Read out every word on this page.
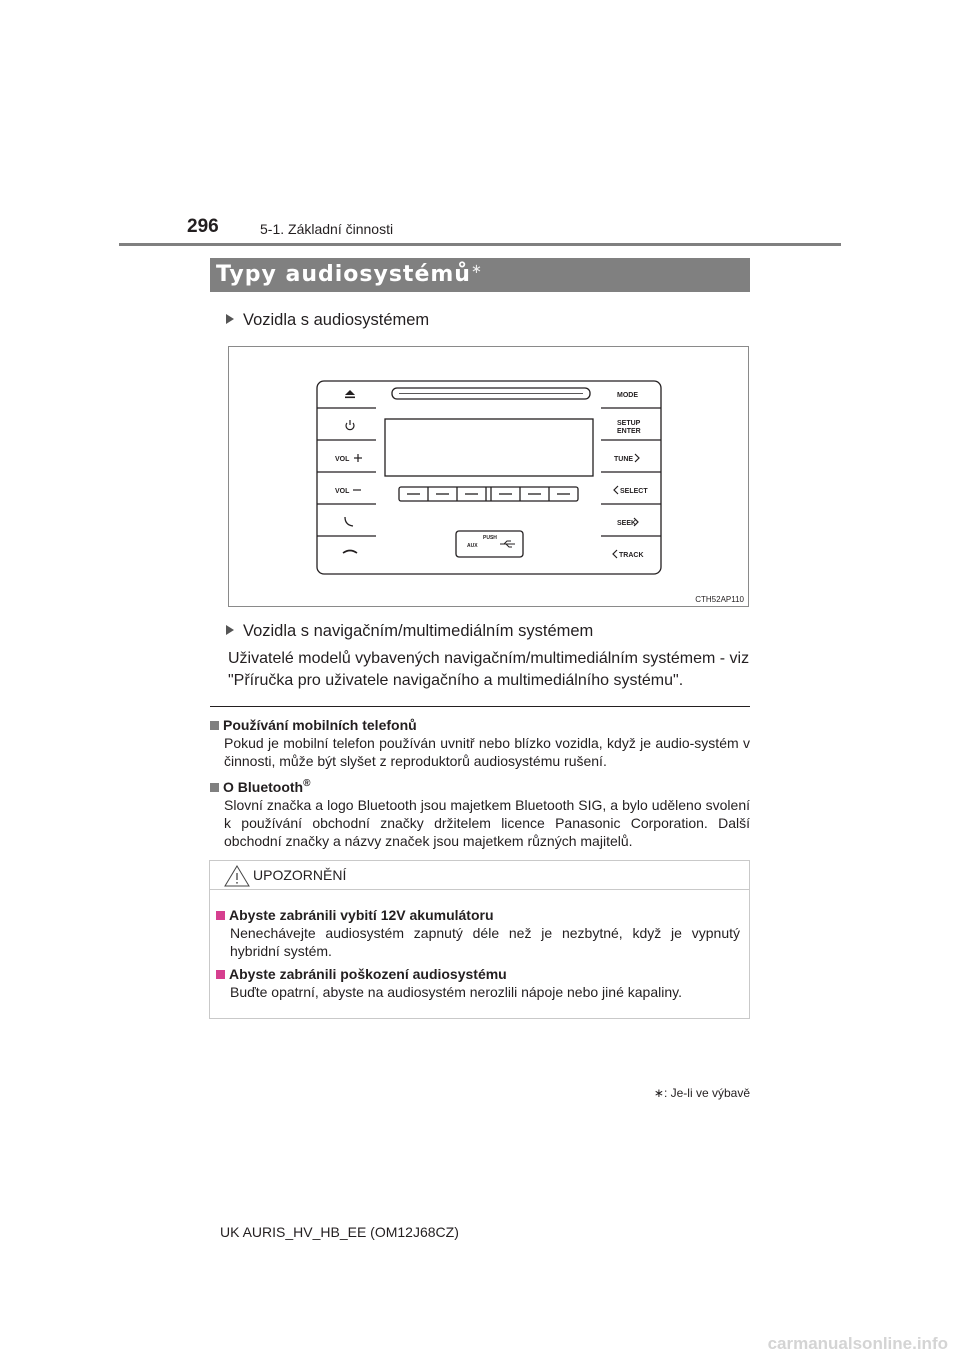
296	5-1. Základní činnosti
Typy audiosystémů∗
Vozidla s audiosystémem
VOL
VOL
MODE
SETUP
ENTER
TUNE
SELECT
SEEK
TRACK
PUSH
AUX
CTH52AP110
Vozidla s navigačním/multimediálním systémem
Uživatelé modelů vybavených navigačním/multimediálním systémem - viz "Příručka pro uživatele navigačního a multimediálního systému".
Používání mobilních telefonů
Pokud je mobilní telefon používán uvnitř nebo blízko vozidla, když je audio-systém v činnosti, může být slyšet z reproduktorů audiosystému rušení.
O Bluetooth®
Slovní značka a logo Bluetooth jsou majetkem Bluetooth SIG, a bylo uděleno svolení k používání obchodní značky držitelem licence Panasonic Corporation. Další obchodní značky a názvy značek jsou majetkem různých majitelů.
UPOZORNĚNÍ
Abyste zabránili vybití 12V akumulátoru
Nenechávejte audiosystém zapnutý déle než je nezbytné, když je vypnutý hybridní systém.
Abyste zabránili poškození audiosystému
Buďte opatrní, abyste na audiosystém nerozlili nápoje nebo jiné kapaliny.
∗: Je-li ve výbavě
UK AURIS_HV_HB_EE (OM12J68CZ)
carmanualsonline.info
